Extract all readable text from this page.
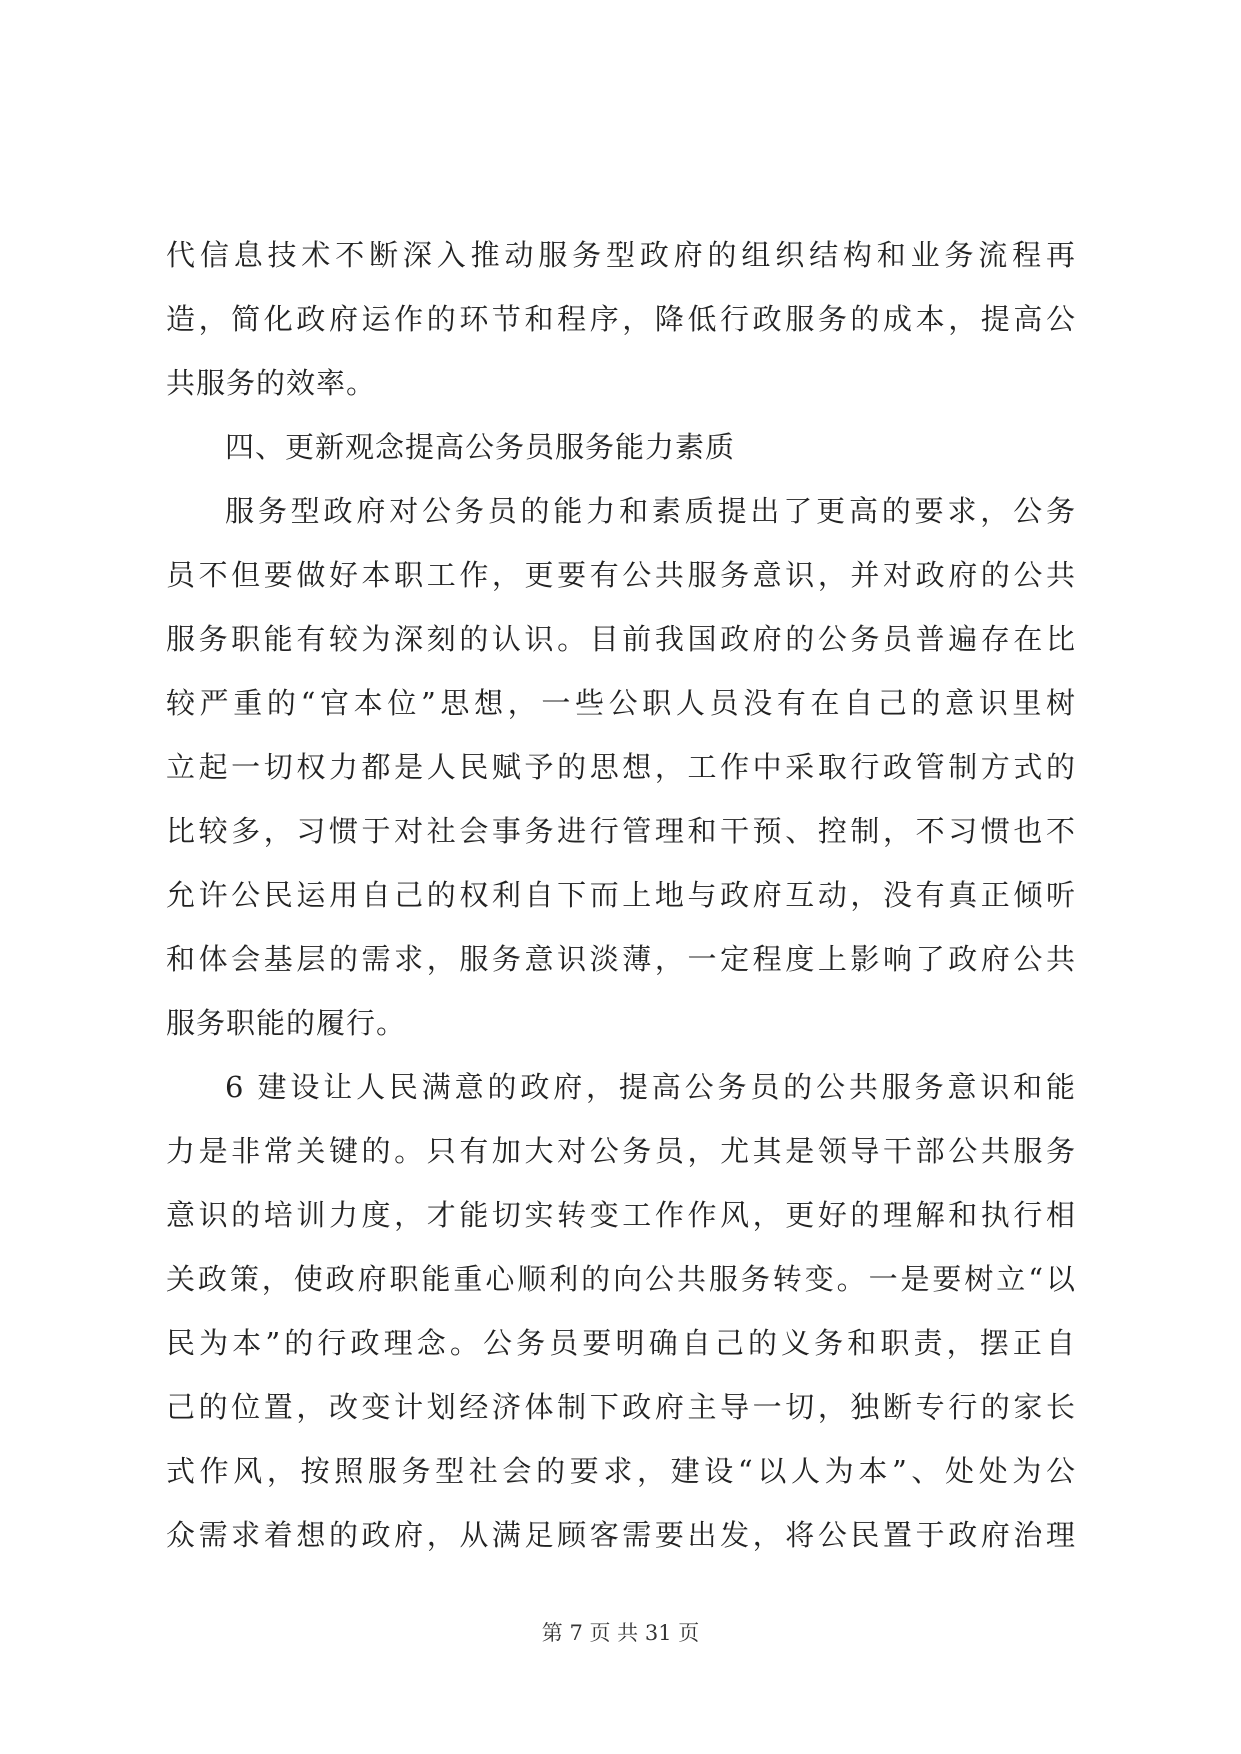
代信息技术不断深入推动服务型政府的组织结构和业务流程再
造，简化政府运作的环节和程序，降低行政服务的成本，提高公
共服务的效率。
四、更新观念提高公务员服务能力素质
服务型政府对公务员的能力和素质提出了更高的要求，公务
员不但要做好本职工作，更要有公共服务意识，并对政府的公共
服务职能有较为深刻的认识。目前我国政府的公务员普遍存在比
较严重的“官本位”思想，一些公职人员没有在自己的意识里树
立起一切权力都是人民赋予的思想，工作中采取行政管制方式的
比较多，习惯于对社会事务进行管理和干预、控制，不习惯也不
允许公民运用自己的权利自下而上地与政府互动，没有真正倾听
和体会基层的需求，服务意识淡薄，一定程度上影响了政府公共
服务职能的履行。
6 建设让人民满意的政府，提高公务员的公共服务意识和能
力是非常关键的。只有加大对公务员，尤其是领导干部公共服务
意识的培训力度，才能切实转变工作作风，更好的理解和执行相
关政策，使政府职能重心顺利的向公共服务转变。一是要树立“以
民为本”的行政理念。公务员要明确自己的义务和职责，摆正自
己的位置，改变计划经济体制下政府主导一切，独断专行的家长
式作风，按照服务型社会的要求，建设“以人为本”、处处为公
众需求着想的政府，从满足顾客需要出发，将公民置于政府治理
第 7 页 共 31 页
